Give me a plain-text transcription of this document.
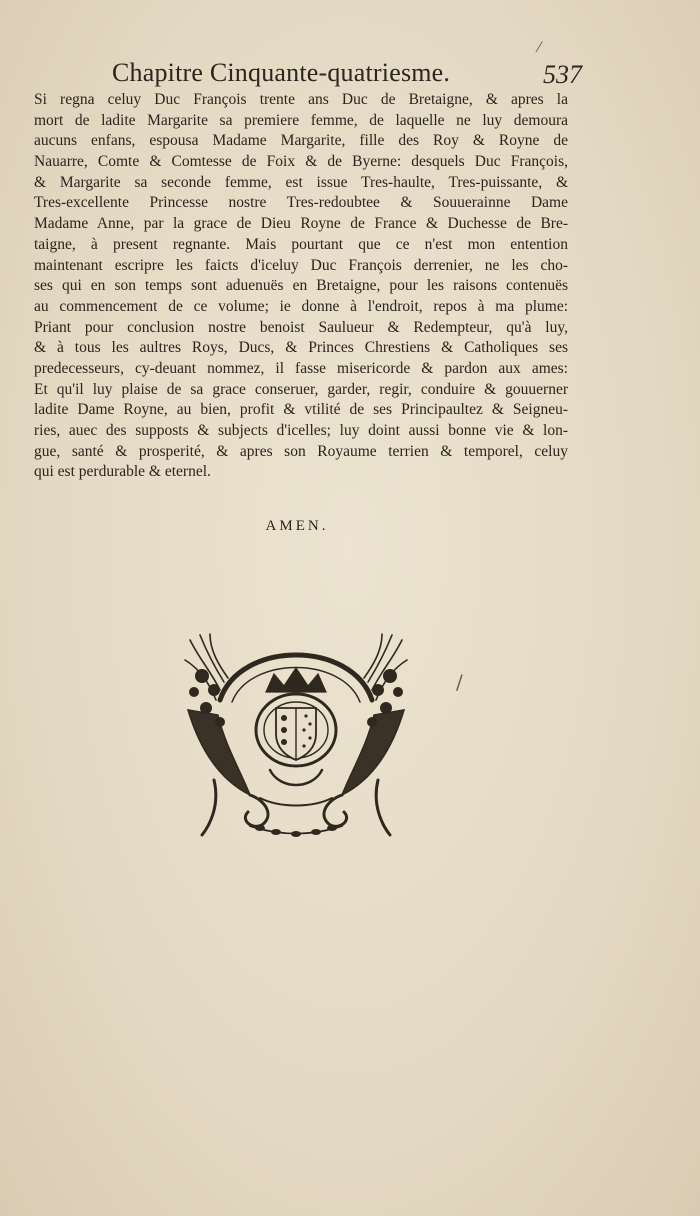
Chapitre Cinquante-quatriesme.	537
Si regna celuy Duc François trente ans Duc de Bretaigne, & apres la
mort de ladite Margarite sa premiere femme, de laquelle ne luy demoura
aucuns enfans, espousa Madame Margarite, fille des Roy & Royne de
Nauarre, Comte & Comtesse de Foix & de Byerne: desquels Duc François,
& Margarite sa seconde femme, est issue Tres-haulte, Tres-puissante, &
Tres-excellente Princesse nostre Tres-redoubtee & Souuerainne Dame
Madame Anne, par la grace de Dieu Royne de France & Duchesse de Bre-
taigne, à present regnante. Mais pourtant que ce n'est mon entention
maintenant escripre les faicts d'iceluy Duc François derrenier, ne les cho-
ses qui en son temps sont aduenuës en Bretaigne, pour les raisons contenuës
au commencement de ce volume; ie donne à l'endroit, repos à ma plume:
Priant pour conclusion nostre benoist Saulueur & Redempteur, qu'à luy,
& à tous les aultres Roys, Ducs, & Princes Chrestiens & Catholiques ses
predecesseurs, cy-deuant nommez, il fasse misericorde & pardon aux ames:
Et qu'il luy plaise de sa grace conseruer, garder, regir, conduire & gouuerner
ladite Dame Royne, au bien, profit & vtilité de ses Principaultez & Seigneu-
ries, auec des supposts & subjects d'icelles; luy doint aussi bonne vie & lon-
gue, santé & prosperité, & apres son Royaume terrien & temporel, celuy
qui est perdurable & eternel.
AMEN.
⁄
/
